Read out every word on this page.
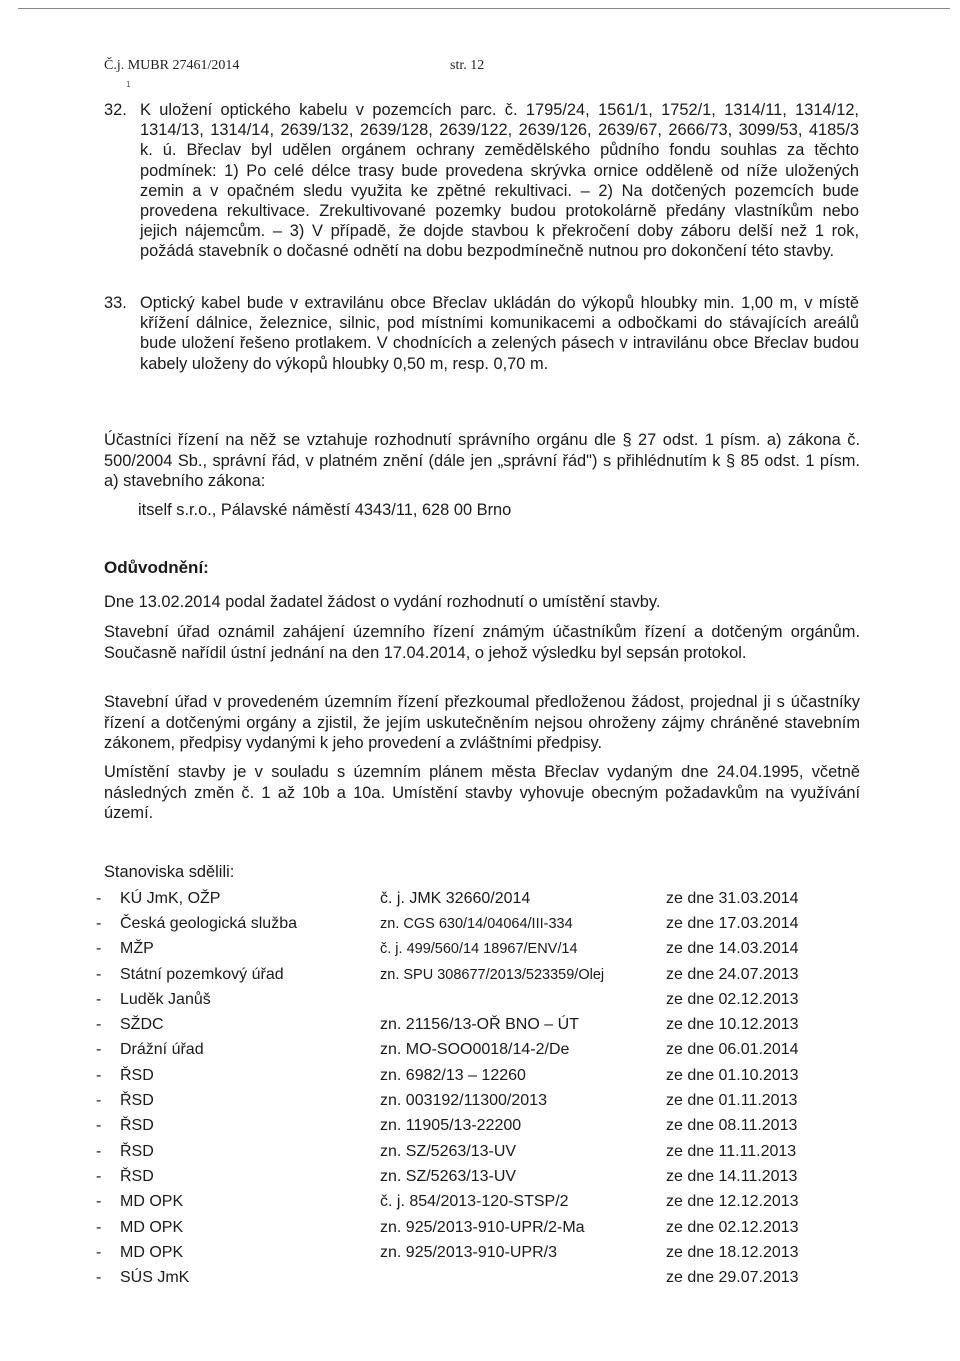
Č.j. MUBR 27461/2014	str. 12
1
32. K uložení optického kabelu v pozemcích parc. č. 1795/24, 1561/1, 1752/1, 1314/11, 1314/12, 1314/13, 1314/14, 2639/132, 2639/128, 2639/122, 2639/126, 2639/67, 2666/73, 3099/53, 4185/3 k. ú. Břeclav byl udělen orgánem ochrany zemědělského půdního fondu souhlas za těchto podmínek: 1) Po celé délce trasy bude provedena skrývka ornice odděleně od níže uložených zemin a v opačném sledu využita ke zpětné rekultivaci. – 2) Na dotčených pozemcích bude provedena rekultivace. Zrekultivované pozemky budou protokolárně předány vlastníkům nebo jejich nájemcům. – 3) V případě, že dojde stavbou k překročení doby záboru delší než 1 rok, požádá stavebník o dočasné odnětí na dobu bezpodmínečně nutnou pro dokončení této stavby.
33. Optický kabel bude v extravilánu obce Břeclav ukládán do výkopů hloubky min. 1,00 m, v místě křížení dálnice, železnice, silnic, pod místními komunikacemi a odbočkami do stávajících areálů bude uložení řešeno protlakem. V chodnících a zelených pásech v intravilánu obce Břeclav budou kabely uloženy do výkopů hloubky 0,50 m, resp. 0,70 m.
Účastníci řízení na něž se vztahuje rozhodnutí správního orgánu dle § 27 odst. 1 písm. a) zákona č. 500/2004 Sb., správní řád, v platném znění (dále jen „správní řád") s přihlédnutím k § 85 odst. 1 písm. a) stavebního zákona:
itself s.r.o., Pálavské náměstí 4343/11, 628 00 Brno
Odůvodnění:
Dne 13.02.2014 podal žadatel žádost o vydání rozhodnutí o umístění stavby.
Stavební úřad oznámil zahájení územního řízení známým účastníkům řízení a dotčeným orgánům. Současně nařídil ústní jednání na den 17.04.2014, o jehož výsledku byl sepsán protokol.
Stavební úřad v provedeném územním řízení přezkoumal předloženou žádost, projednal ji s účastníky řízení a dotčenými orgány a zjistil, že jejím uskutečněním nejsou ohroženy zájmy chráněné stavebním zákonem, předpisy vydanými k jeho provedení a zvláštními předpisy.
Umístění stavby je v souladu s územním plánem města Břeclav vydaným dne 24.04.1995, včetně následných změn č. 1 až 10b a 10a. Umístění stavby vyhovuje obecným požadavkům na využívání území.
Stanoviska sdělili:
-	KÚ JmK, OŽP	č. j. JMK 32660/2014	ze dne 31.03.2014
-	Česká geologická služba	zn. CGS 630/14/04064/III-334	ze dne 17.03.2014
-	MŽP	č. j. 499/560/14 18967/ENV/14	ze dne 14.03.2014
-	Státní pozemkový úřad	zn. SPU 308677/2013/523359/Olej	ze dne 24.07.2013
-	Luděk Janůš		ze dne 02.12.2013
-	SŽDC	zn. 21156/13-OŘ BNO – ÚT	ze dne 10.12.2013
-	Drážní úřad	zn. MO-SOO0018/14-2/De	ze dne 06.01.2014
-	ŘSD	zn. 6982/13 – 12260	ze dne 01.10.2013
-	ŘSD	zn. 003192/11300/2013	ze dne 01.11.2013
-	ŘSD	zn. 11905/13-22200	ze dne 08.11.2013
-	ŘSD	zn. SZ/5263/13-UV	ze dne 11.11.2013
-	ŘSD	zn. SZ/5263/13-UV	ze dne 14.11.2013
-	MD OPK	č. j. 854/2013-120-STSP/2	ze dne 12.12.2013
-	MD OPK	zn. 925/2013-910-UPR/2-Ma	ze dne 02.12.2013
-	MD OPK	zn. 925/2013-910-UPR/3	ze dne 18.12.2013
-	SÚS JmK		ze dne 29.07.2013
